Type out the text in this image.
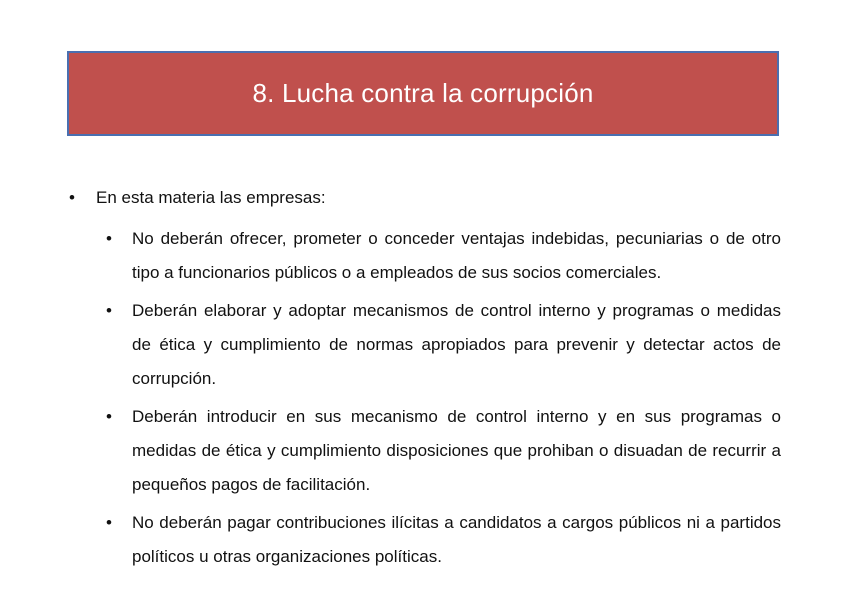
8. Lucha contra la corrupción
• En esta materia las empresas:
• No deberán ofrecer, prometer o conceder ventajas indebidas, pecuniarias o de otro tipo a funcionarios públicos o a empleados de sus socios comerciales.
• Deberán elaborar y adoptar mecanismos de control interno y programas o medidas de ética y cumplimiento de normas apropiados para prevenir y detectar actos de corrupción.
• Deberán introducir en sus mecanismo de control interno y en sus programas o medidas de ética y cumplimiento disposiciones que prohiban o disuadan de recurrir a pequeños pagos de facilitación.
• No deberán pagar contribuciones ilícitas a candidatos a cargos públicos ni a partidos políticos u otras organizaciones políticas.
